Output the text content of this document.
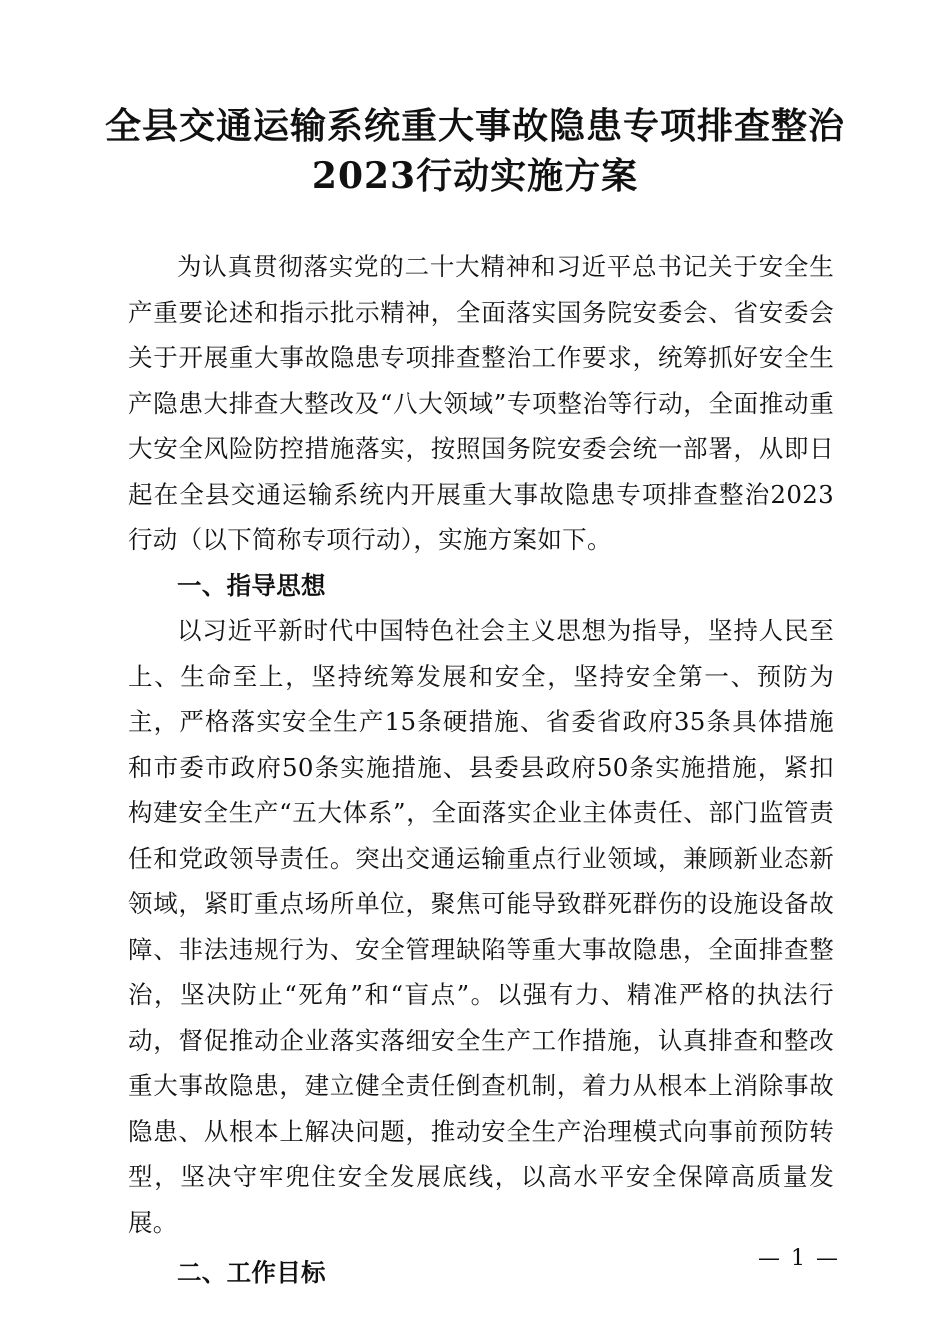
全县交通运输系统重大事故隐患专项排查整治
2023行动实施方案

为认真贯彻落实党的二十大精神和习近平总书记关于安全生产重要论述和指示批示精神，全面落实国务院安委会、省安委会关于开展重大事故隐患专项排查整治工作要求，统筹抓好安全生产隐患大排查大整改及“八大领域”专项整治等行动，全面推动重大安全风险防控措施落实，按照国务院安委会统一部署，从即日起在全县交通运输系统内开展重大事故隐患专项排查整治2023行动（以下简称专项行动），实施方案如下。

一、指导思想

以习近平新时代中国特色社会主义思想为指导，坚持人民至上、生命至上，坚持统筹发展和安全，坚持安全第一、预防为主，严格落实安全生产15条硬措施、省委省政府35条具体措施和市委市政府50条实施措施、县委县政府50条实施措施，紧扣构建安全生产“五大体系”，全面落实企业主体责任、部门监管责任和党政领导责任。突出交通运输重点行业领域，兼顾新业态新领域，紧盯重点场所单位，聚焦可能导致群死群伤的设施设备故障、非法违规行为、安全管理缺陷等重大事故隐患，全面排查整治，坚决防止“死角”和“盲点”。以强有力、精准严格的执法行动，督促推动企业落实落细安全生产工作措施，认真排查和整改重大事故隐患，建立健全责任倒查机制，着力从根本上消除事故隐患、从根本上解决问题，推动安全生产治理模式向事前预防转型，坚决守牢兜住安全发展底线，以高水平安全保障高质量发展。

二、工作目标	— 1 —
